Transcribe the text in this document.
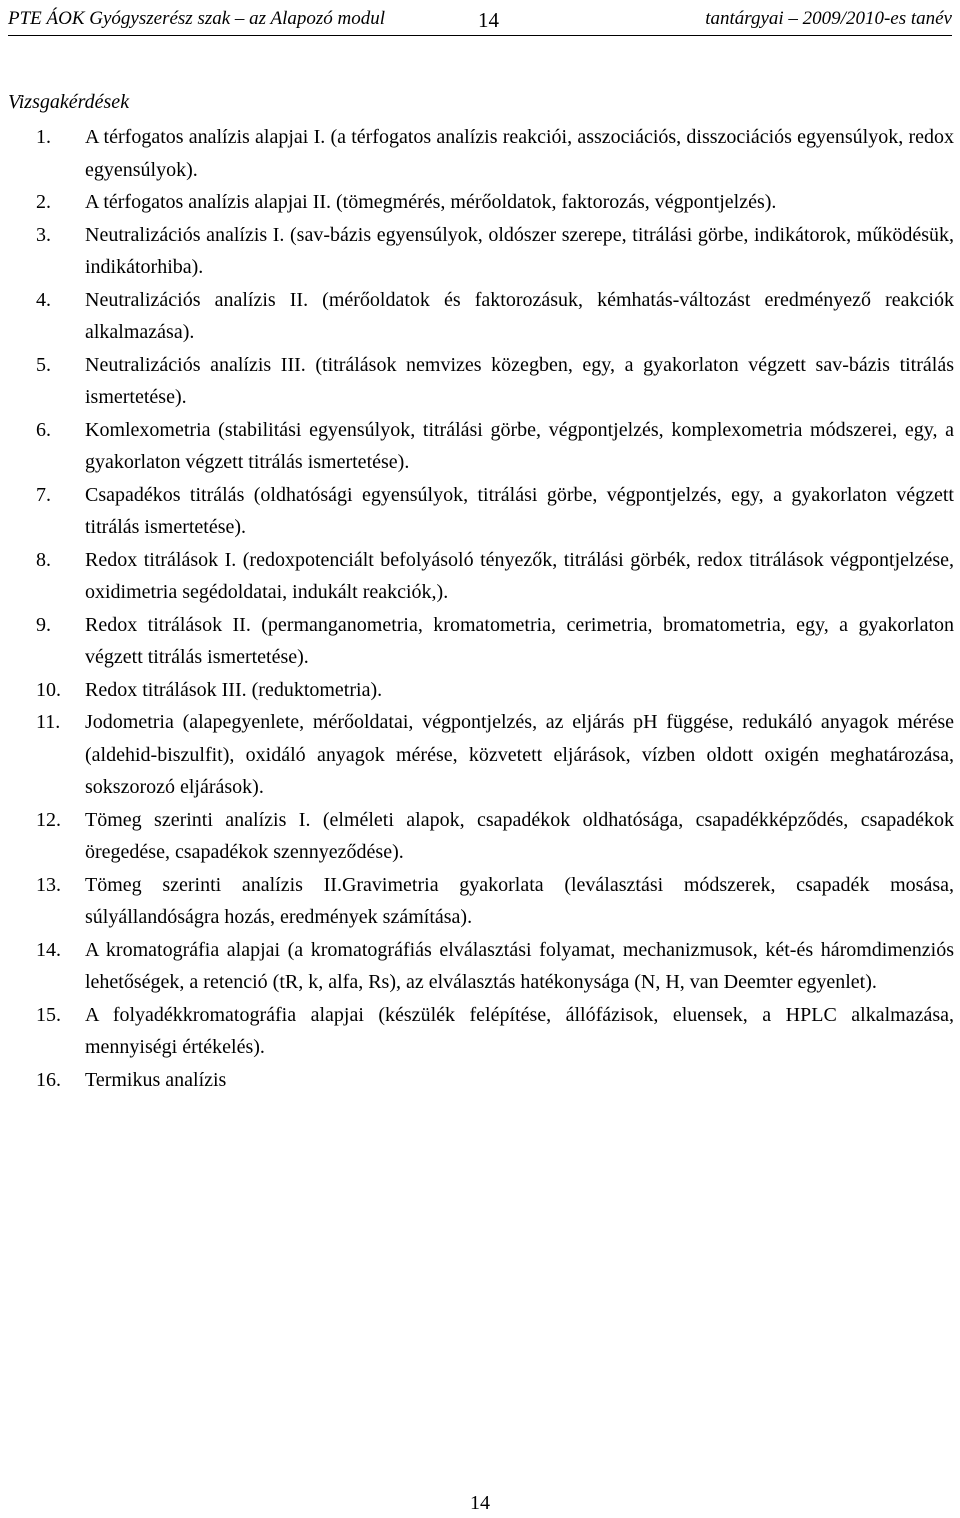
PTE ÁOK Gyógyszerész szak – az Alapozó modul	14	tantárgyai – 2009/2010-es tanév
Vizsgakérdések
1. A térfogatos analízis alapjai I. (a térfogatos analízis reakciói, asszociációs, disszociációs egyensúlyok, redox egyensúlyok).
2. A térfogatos analízis alapjai II. (tömegmérés, mérőoldatok, faktorozás, végpontjelzés).
3. Neutralizációs analízis I. (sav-bázis egyensúlyok, oldószer szerepe, titrálási görbe, indikátorok, működésük, indikátorhiba).
4. Neutralizációs analízis II. (mérőoldatok és faktorozásuk, kémhatás-változást eredményező reakciók alkalmazása).
5. Neutralizációs analízis III. (titrálások nemvizes közegben, egy, a gyakorlaton végzett sav-bázis titrálás ismertetése).
6. Komlexometria (stabilitási egyensúlyok, titrálási görbe, végpontjelzés, komplexometria módszerei, egy, a gyakorlaton végzett titrálás ismertetése).
7. Csapadékos titrálás (oldhatósági egyensúlyok, titrálási görbe, végpontjelzés, egy, a gyakorlaton végzett titrálás ismertetése).
8. Redox titrálások I. (redoxpotenciált befolyásoló tényezők, titrálási görbék, redox titrálások végpontjelzése, oxidimetria segédoldatai, indukált reakciók,).
9. Redox titrálások II. (permanganometria, kromatometria, cerimetria, bromatometria, egy, a gyakorlaton végzett titrálás ismertetése).
10. Redox titrálások III. (reduktometria).
11. Jodometria (alapegyenlete, mérőoldatai, végpontjelzés, az eljárás pH függése, redukáló anyagok mérése (aldehid-biszulfit), oxidáló anyagok mérése, közvetett eljárások, vízben oldott oxigén meghatározása, sokszorozó eljárások).
12. Tömeg szerinti analízis I. (elméleti alapok, csapadékok oldhatósága, csapadékképződés, csapadékok öregedése, csapadékok szennyeződése).
13. Tömeg szerinti analízis II.Gravimetria gyakorlata (leválasztási módszerek, csapadék mosása, súlyállandóságra hozás, eredmények számítása).
14. A kromatográfia alapjai (a kromatográfiás elválasztási folyamat, mechanizmusok, két-és háromdimenziós lehetőségek, a retenció (tR, k, alfa, Rs), az elválasztás hatékonysága (N, H, van Deemter egyenlet).
15. A folyadékkromatográfia alapjai (készülék felépítése, állófázisok, eluensek, a HPLC alkalmazása, mennyiségi értékelés).
16. Termikus analízis
14
